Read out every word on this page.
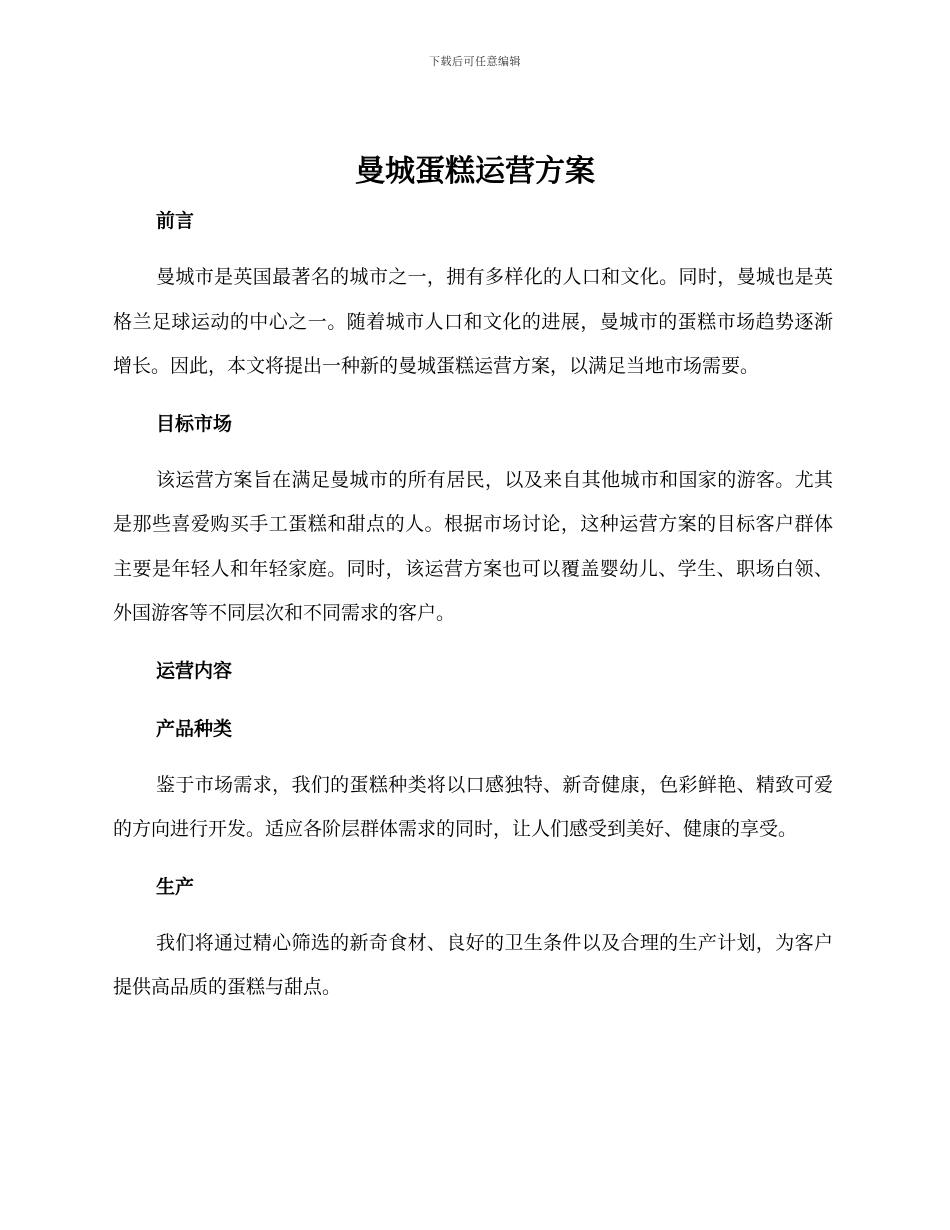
下载后可任意编辑
曼城蛋糕运营方案
前言

曼城市是英国最著名的城市之一，拥有多样化的人口和文化。同时，曼城也是英格兰足球运动的中心之一。随着城市人口和文化的进展，曼城市的蛋糕市场趋势逐渐增长。因此，本文将提出一种新的曼城蛋糕运营方案，以满足当地市场需要。

目标市场

该运营方案旨在满足曼城市的所有居民，以及来自其他城市和国家的游客。尤其是那些喜爱购买手工蛋糕和甜点的人。根据市场讨论，这种运营方案的目标客户群体主要是年轻人和年轻家庭。同时，该运营方案也可以覆盖婴幼儿、学生、职场白领、外国游客等不同层次和不同需求的客户。

运营内容
产品种类

鉴于市场需求，我们的蛋糕种类将以口感独特、新奇健康，色彩鲜艳、精致可爱的方向进行开发。适应各阶层群体需求的同时，让人们感受到美好、健康的享受。

生产

我们将通过精心筛选的新奇食材、良好的卫生条件以及合理的生产计划，为客户提供高品质的蛋糕与甜点。
